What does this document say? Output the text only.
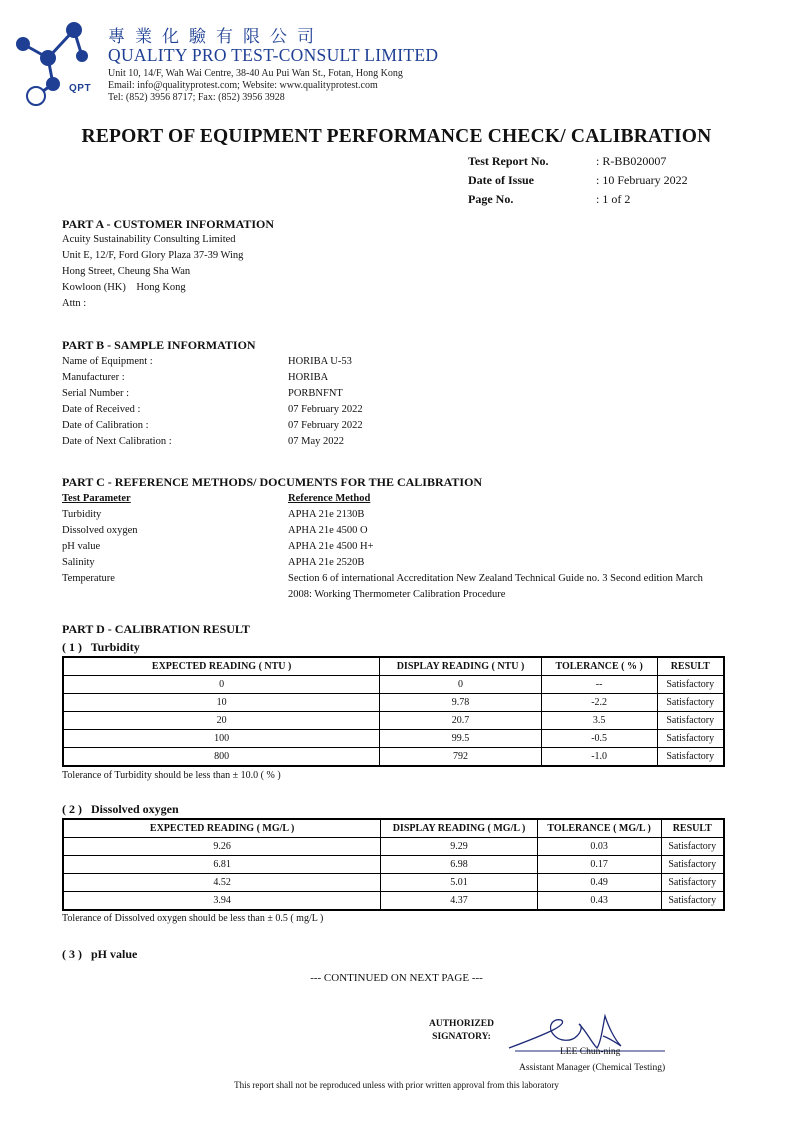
QPT
專業化驗有限公司
QUALITY PRO TEST-CONSULT LIMITED
Unit 10, 14/F, Wah Wai Centre, 38-40 Au Pui Wan St., Fotan, Hong Kong
Email: info@qualityprotest.com; Website: www.qualityprotest.com
Tel: (852) 3956 8717; Fax: (852) 3956 3928
REPORT OF EQUIPMENT PERFORMANCE CHECK/ CALIBRATION
Test Report No.	: R-BB020007
Date of Issue	: 10 February 2022
Page No.	: 1 of 2
PART A - CUSTOMER INFORMATION
Acuity Sustainability Consulting Limited
Unit E, 12/F, Ford Glory Plaza 37-39 Wing
Hong Street, Cheung Sha Wan
Kowloon (HK)    Hong Kong
Attn :
PART B - SAMPLE INFORMATION
Name of Equipment :	HORIBA U-53
Manufacturer :	HORIBA
Serial Number :	PORBNFNT
Date of Received :	07 February 2022
Date of Calibration :	07 February 2022
Date of Next Calibration :	07 May 2022
PART C - REFERENCE METHODS/ DOCUMENTS FOR THE CALIBRATION
Test Parameter	Reference Method
Turbidity	APHA 21e 2130B
Dissolved oxygen	APHA 21e 4500 O
pH value	APHA 21e 4500 H+
Salinity	APHA 21e 2520B
Temperature	Section 6 of international Accreditation New Zealand Technical Guide no. 3 Second edition March
2008: Working Thermometer Calibration Procedure
PART D - CALIBRATION RESULT
( 1 )   Turbidity
EXPECTED READING ( NTU )	DISPLAY READING ( NTU )	TOLERANCE ( % )	RESULT
0	0	--	Satisfactory
10	9.78	-2.2	Satisfactory
20	20.7	3.5	Satisfactory
100	99.5	-0.5	Satisfactory
800	792	-1.0	Satisfactory
Tolerance of Turbidity should be less than ± 10.0 ( % )
( 2 )   Dissolved oxygen
EXPECTED READING ( MG/L )	DISPLAY READING ( MG/L )	TOLERANCE ( MG/L )	RESULT
9.26	9.29	0.03	Satisfactory
6.81	6.98	0.17	Satisfactory
4.52	5.01	0.49	Satisfactory
3.94	4.37	0.43	Satisfactory
Tolerance of Dissolved oxygen should be less than ± 0.5 ( mg/L )
( 3 )   pH value
--- CONTINUED ON NEXT PAGE ---
AUTHORIZED
SIGNATORY:
LEE Chun-ning
Assistant Manager (Chemical Testing)
This report shall not be reproduced unless with prior written approval from this laboratory
